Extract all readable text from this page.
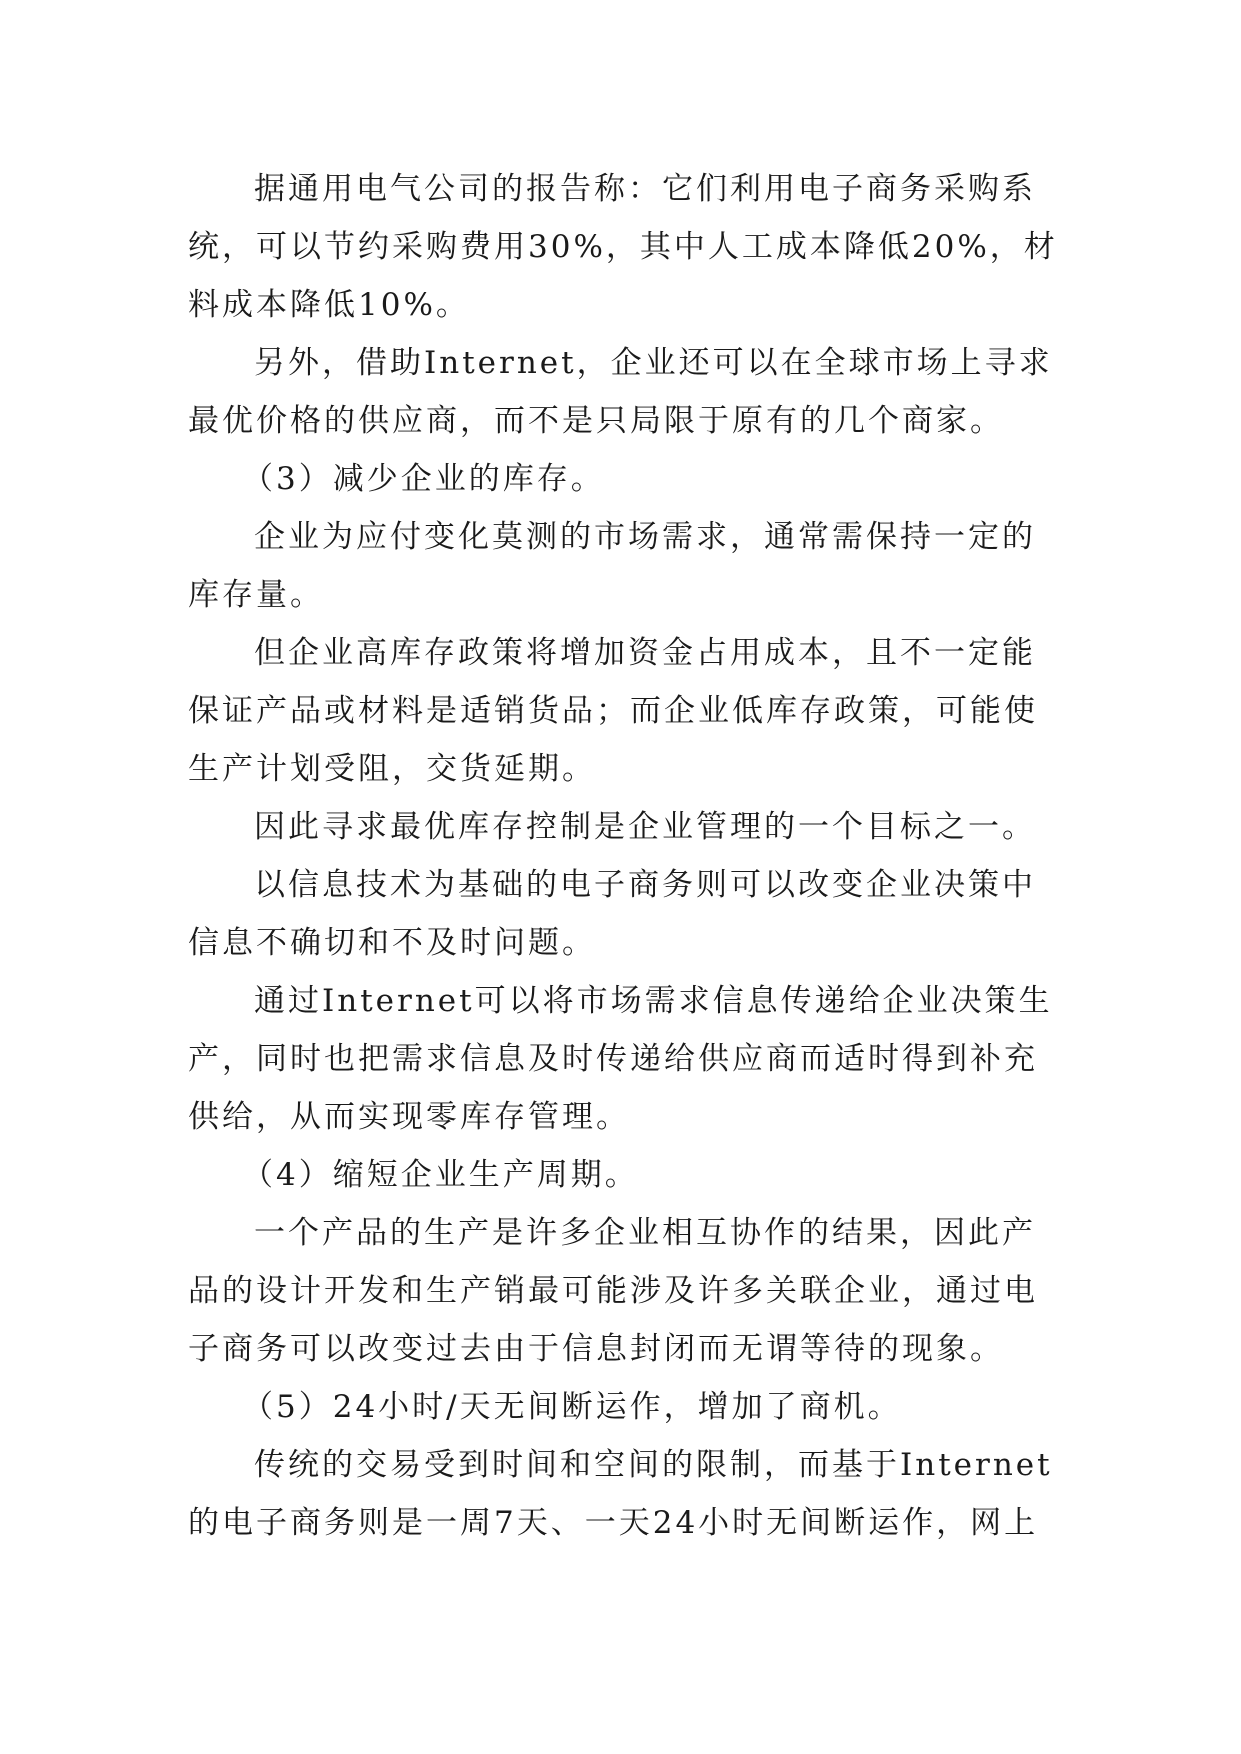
据通用电气公司的报告称：它们利用电子商务采购系统，可以节约采购费用30%，其中人工成本降低20%，材料成本降低10%。

另外，借助Internet，企业还可以在全球市场上寻求最优价格的供应商，而不是只局限于原有的几个商家。

（3）减少企业的库存。

企业为应付变化莫测的市场需求，通常需保持一定的库存量。

但企业高库存政策将增加资金占用成本，且不一定能保证产品或材料是适销货品；而企业低库存政策，可能使生产计划受阻，交货延期。

因此寻求最优库存控制是企业管理的一个目标之一。

以信息技术为基础的电子商务则可以改变企业决策中信息不确切和不及时问题。

通过Internet可以将市场需求信息传递给企业决策生产，同时也把需求信息及时传递给供应商而适时得到补充供给，从而实现零库存管理。

（4）缩短企业生产周期。

一个产品的生产是许多企业相互协作的结果，因此产品的设计开发和生产销最可能涉及许多关联企业，通过电子商务可以改变过去由于信息封闭而无谓等待的现象。

（5）24小时/天无间断运作，增加了商机。

传统的交易受到时间和空间的限制，而基于Internet的电子商务则是一周7天、一天24小时无间断运作，网上
